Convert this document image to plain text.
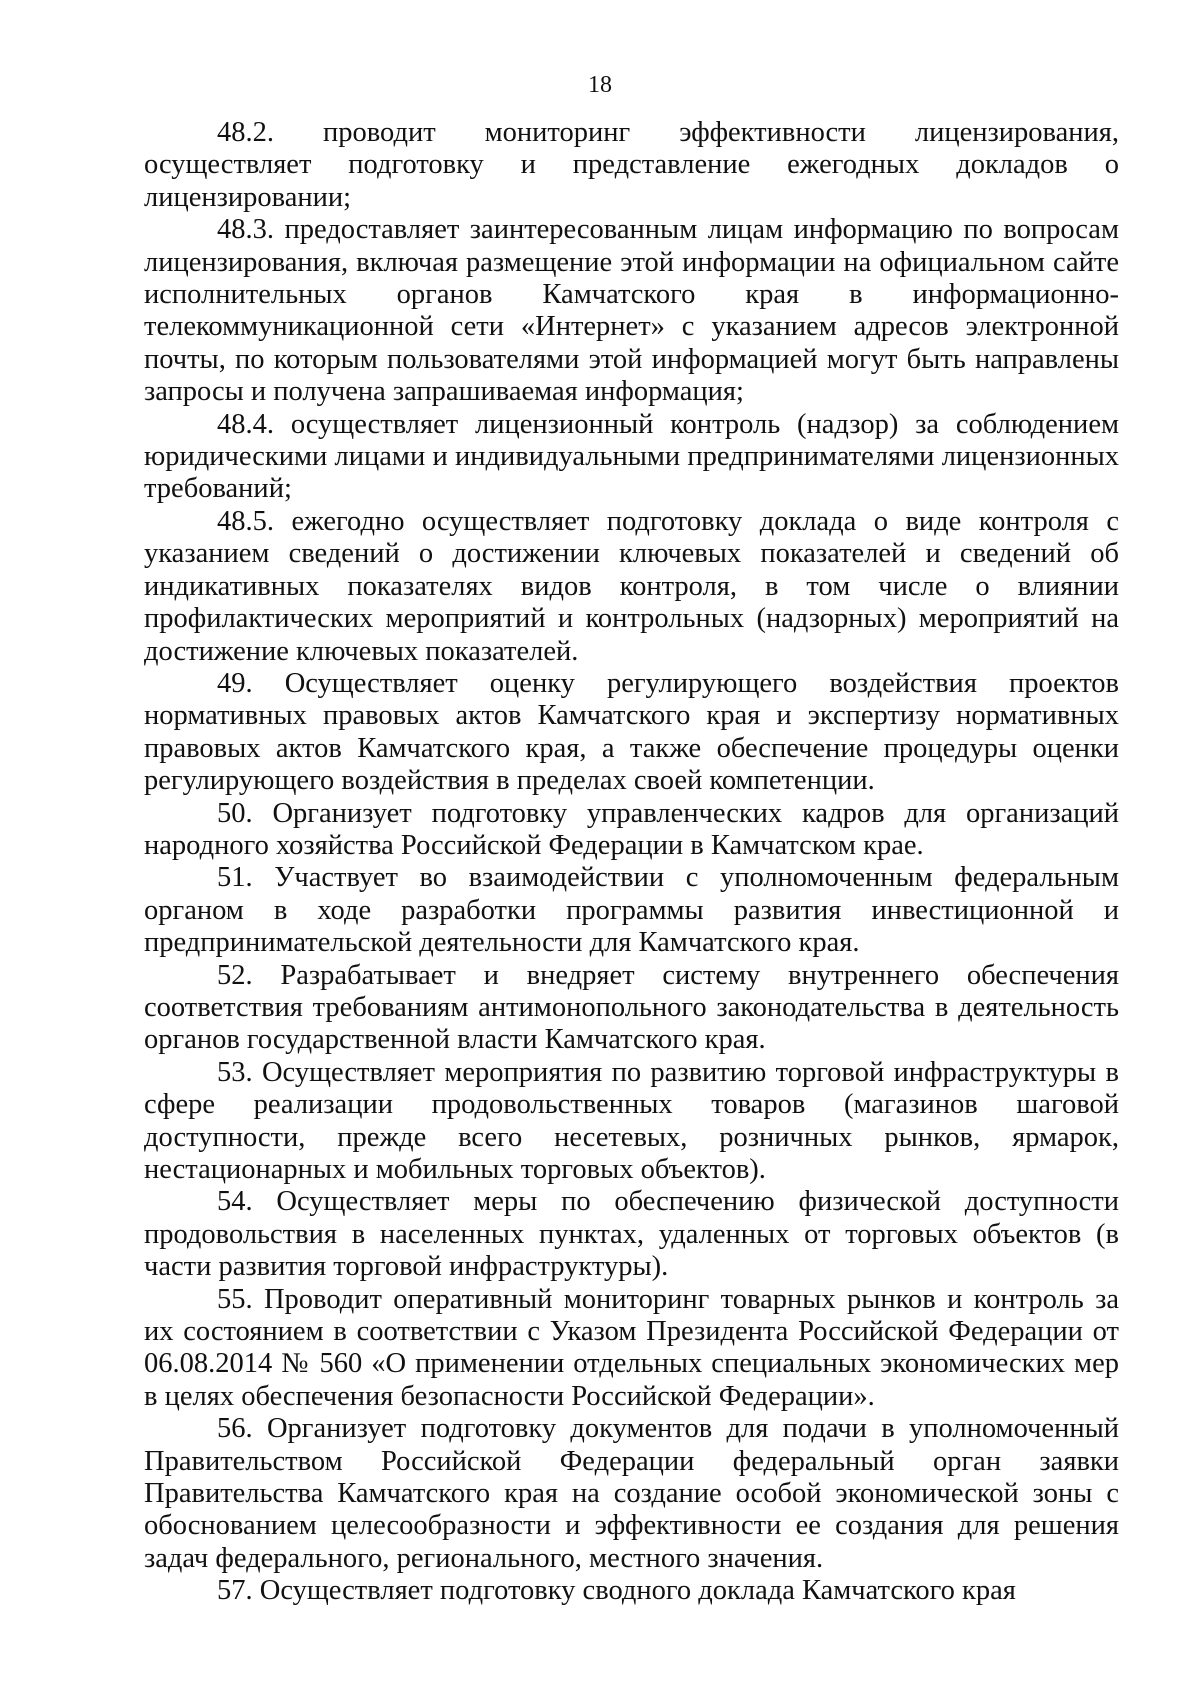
18

48.2. проводит мониторинг эффективности лицензирования, осуществляет подготовку и представление ежегодных докладов о лицензировании;

48.3. предоставляет заинтересованным лицам информацию по вопросам лицензирования, включая размещение этой информации на официальном сайте исполнительных органов Камчатского края в информационно-телекоммуникационной сети «Интернет» с указанием адресов электронной почты, по которым пользователями этой информацией могут быть направлены запросы и получена запрашиваемая информация;

48.4. осуществляет лицензионный контроль (надзор) за соблюдением юридическими лицами и индивидуальными предпринимателями лицензионных требований;

48.5. ежегодно осуществляет подготовку доклада о виде контроля с указанием сведений о достижении ключевых показателей и сведений об индикативных показателях видов контроля, в том числе о влиянии профилактических мероприятий и контрольных (надзорных) мероприятий на достижение ключевых показателей.

49. Осуществляет оценку регулирующего воздействия проектов нормативных правовых актов Камчатского края и экспертизу нормативных правовых актов Камчатского края, а также обеспечение процедуры оценки регулирующего воздействия в пределах своей компетенции.

50. Организует подготовку управленческих кадров для организаций народного хозяйства Российской Федерации в Камчатском крае.

51. Участвует во взаимодействии с уполномоченным федеральным органом в ходе разработки программы развития инвестиционной и предпринимательской деятельности для Камчатского края.

52. Разрабатывает и внедряет систему внутреннего обеспечения соответствия требованиям антимонопольного законодательства в деятельность органов государственной власти Камчатского края.

53. Осуществляет мероприятия по развитию торговой инфраструктуры в сфере реализации продовольственных товаров (магазинов шаговой доступности, прежде всего несетевых, розничных рынков, ярмарок, нестационарных и мобильных торговых объектов).

54. Осуществляет меры по обеспечению физической доступности продовольствия в населенных пунктах, удаленных от торговых объектов (в части развития торговой инфраструктуры).

55. Проводит оперативный мониторинг товарных рынков и контроль за их состоянием в соответствии с Указом Президента Российской Федерации от 06.08.2014 № 560 «О применении отдельных специальных экономических мер в целях обеспечения безопасности Российской Федерации».

56. Организует подготовку документов для подачи в уполномоченный Правительством Российской Федерации федеральный орган заявки Правительства Камчатского края на создание особой экономической зоны с обоснованием целесообразности и эффективности ее создания для решения задач федерального, регионального, местного значения.

57. Осуществляет подготовку сводного доклада Камчатского края
